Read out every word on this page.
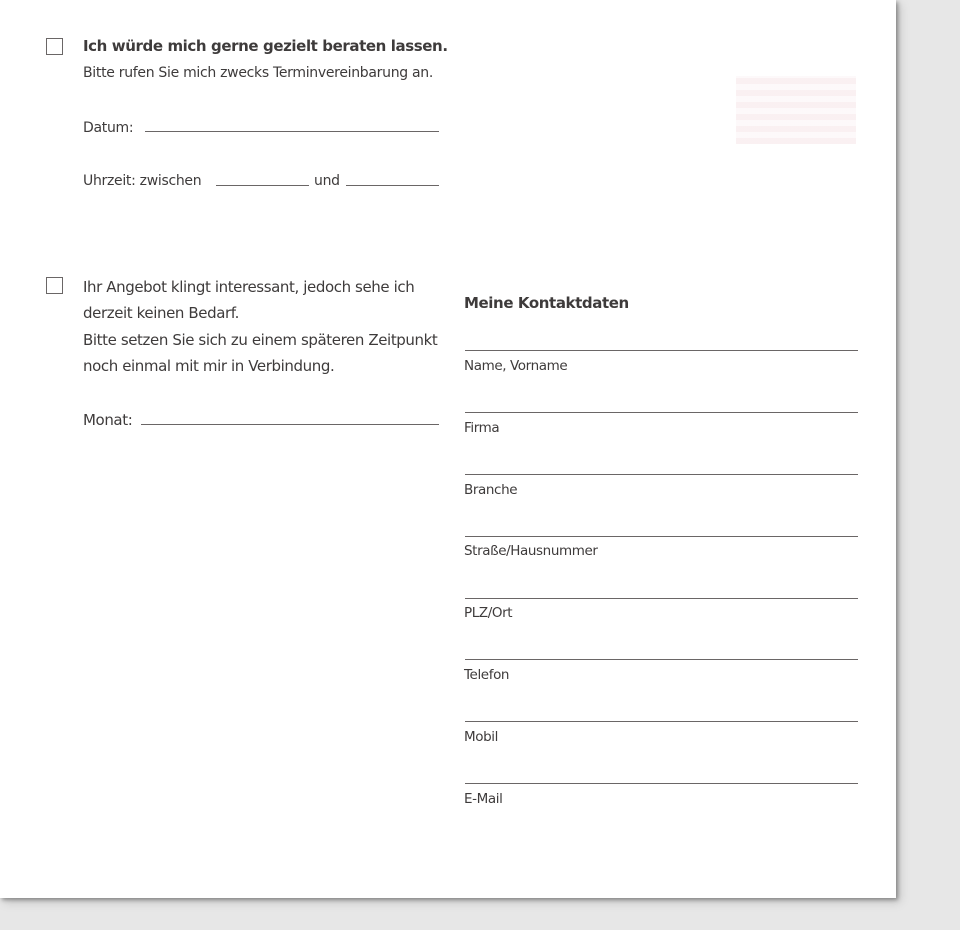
Ich würde mich gerne gezielt beraten lassen.
Bitte rufen Sie mich zwecks Terminvereinbarung an.
Datum:
Uhrzeit: zwischen	und
Ihr Angebot klingt interessant, jedoch sehe ich
derzeit keinen Bedarf.
Bitte setzen Sie sich zu einem späteren Zeitpunkt
noch einmal mit mir in Verbindung.
Monat:
Meine Kontaktdaten
Name, Vorname
Firma
Branche
Straße/Hausnummer
PLZ/Ort
Telefon
Mobil
E-Mail
